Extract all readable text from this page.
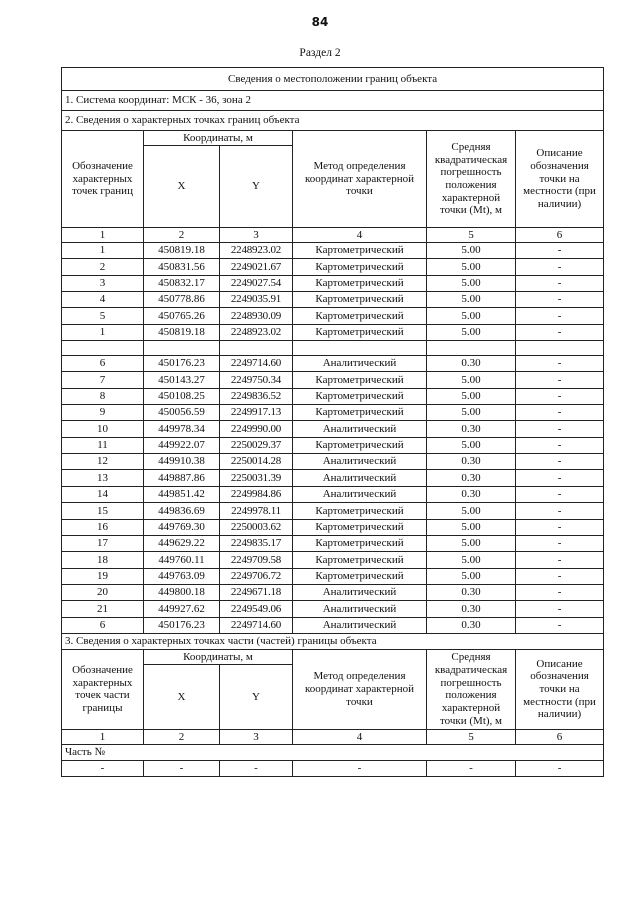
84
Раздел 2
Сведения о местоположении границ объекта					
1. Система координат: МСК - 36, зона 2					
2. Сведения о характерных точках границ объекта					
Обозначение характерных точек границ	Координаты, м		Метод определения координат характерной точки	Средняя квадратическая погрешность положения характерной точки (Mt), м	Описание обозначения точки на местности (при наличии)
	X	Y			
1	2	3	4	5	6
1	450819.18	2248923.02	Картометрический	5.00	-
2	450831.56	2249021.67	Картометрический	5.00	-
3	450832.17	2249027.54	Картометрический	5.00	-
4	450778.86	2249035.91	Картометрический	5.00	-
5	450765.26	2248930.09	Картометрический	5.00	-
1	450819.18	2248923.02	Картометрический	5.00	-

6	450176.23	2249714.60	Аналитический	0.30	-
7	450143.27	2249750.34	Картометрический	5.00	-
8	450108.25	2249836.52	Картометрический	5.00	-
9	450056.59	2249917.13	Картометрический	5.00	-
10	449978.34	2249990.00	Аналитический	0.30	-
11	449922.07	2250029.37	Картометрический	5.00	-
12	449910.38	2250014.28	Аналитический	0.30	-
13	449887.86	2250031.39	Аналитический	0.30	-
14	449851.42	2249984.86	Аналитический	0.30	-
15	449836.69	2249978.11	Картометрический	5.00	-
16	449769.30	2250003.62	Картометрический	5.00	-
17	449629.22	2249835.17	Картометрический	5.00	-
18	449760.11	2249709.58	Картометрический	5.00	-
19	449763.09	2249706.72	Картометрический	5.00	-
20	449800.18	2249671.18	Аналитический	0.30	-
21	449927.62	2249549.06	Аналитический	0.30	-
6	450176.23	2249714.60	Аналитический	0.30	-
3. Сведения о характерных точках части (частей) границы объекта					
Обозначение характерных точек части границы	Координаты, м		Метод определения координат характерной точки	Средняя квадратическая погрешность положения характерной точки (Mt), м	Описание обозначения точки на местности (при наличии)
	X	Y			
1	2	3	4	5	6
Часть №					
-	-	-	-	-	-
